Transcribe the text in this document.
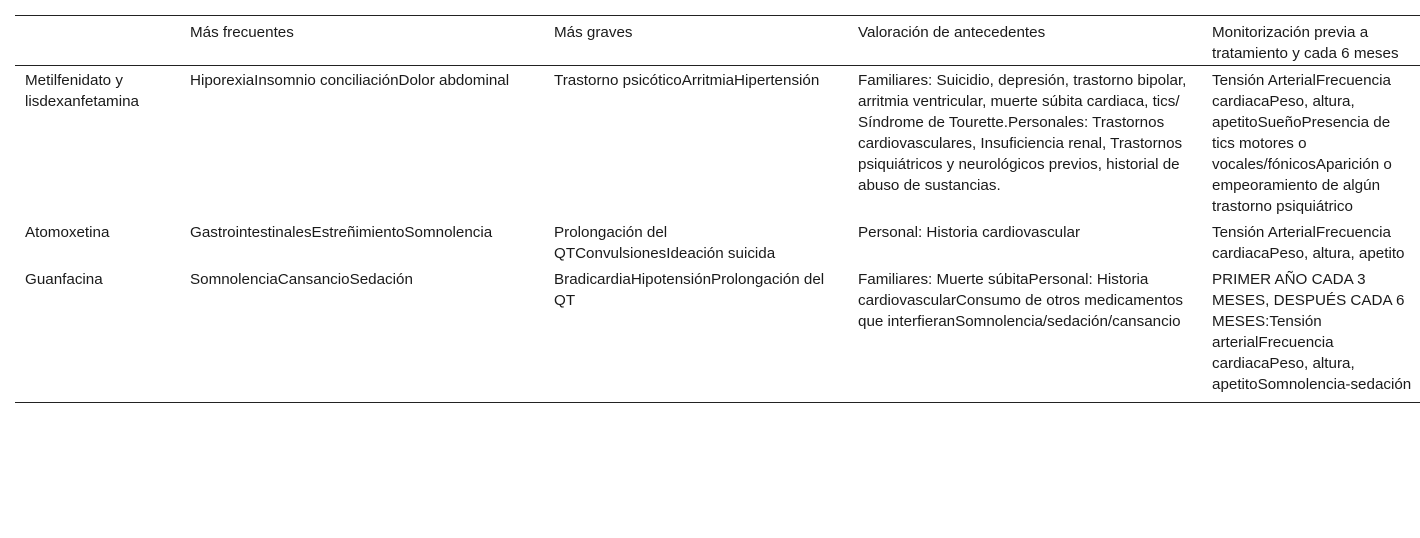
	Más frecuentes	Más graves	Valoración de antecedentes	Monitorización previa a tratamiento y cada 6 meses
Metilfenidato y lisdexanfetamina	HiporexiaInsomnio conciliaciónDolor abdominal	Trastorno psicóticoArritmiaHipertensión	Familiares: Suicidio, depresión, trastorno bipolar, arritmia ventricular, muerte súbita cardiaca, tics/ Síndrome de Tourette.Personales: Trastornos cardiovasculares, Insuficiencia renal, Trastornos psiquiátricos y neurológicos previos, historial de abuso de sustancias.	Tensión ArterialFrecuencia cardiacaPeso, altura, apetitoSueñoPresencia de tics motores o vocales/fónicosAparición o empeoramiento de algún trastorno psiquiátrico
Atomoxetina	GastrointestinalesEstreñimientoSomnolencia	Prolongación del QTConvulsionesIdeación suicida	Personal: Historia cardiovascular	Tensión ArterialFrecuencia cardiacaPeso, altura, apetito
Guanfacina	SomnolenciaCansancioSedación	BradicardiaHipotensiónProlongación del QT	Familiares: Muerte súbitaPersonal: Historia cardiovascularConsumo de otros medicamentos que interfieranSomnolencia/sedación/cansancio	PRIMER AÑO CADA 3 MESES, DESPUÉS CADA 6 MESES:Tensión arterialFrecuencia cardiacaPeso, altura, apetitoSomnolencia-sedación
